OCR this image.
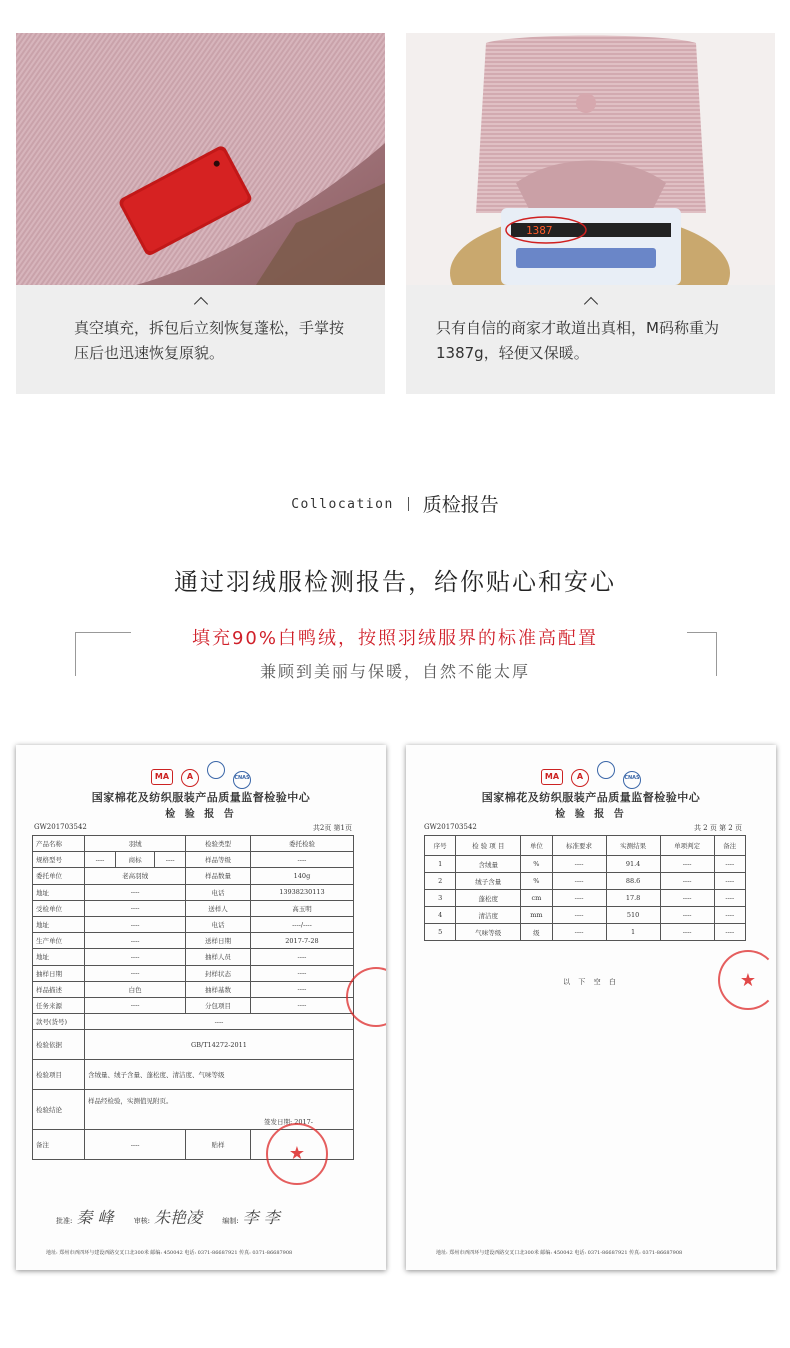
真空填充，拆包后立刻恢复蓬松，手掌按压后也迅速恢复原貌。
1387
只有自信的商家才敢道出真相，M码称重为1387g，轻便又保暖。
Collocation 质检报告
通过羽绒服检测报告，给你贴心和安心
填充90%白鸭绒，按照羽绒服界的标准高配置
兼顾到美丽与保暖，自然不能太厚
MA A	CNAS
国家棉花及纺织服装产品质量监督检验中心
检 验 报 告
GW201703542	共2页 第1页
产品名称	羽绒			检验类型	委托检验
规格型号	----	商标	----	样品等级	----
委托单位	老高羽绒			样品数量	140g
地址	----			电话	13938230113
受检单位	----			送样人	高玉明
地址	----			电话	----/----
生产单位	----			送样日期	2017-7-28
地址	----			抽样人员	----
抽样日期	----			封样状态	----
样品描述	白色			抽样基数	----
任务来源	----			分包项目	----
款号(货号)	----				
检验依据	GB/T14272-2011				
检验项目	含绒量、绒子含量、蓬松度、清洁度、气味等级				
检验结论	样品经检验，实测值见附页。
签发日期: 2017-				

备注	----			贴样		★
批准: 秦 峰	审核: 朱艳凌	编制: 李 李
地址: 郑州市西四环与建设西路交叉口北300米 邮编: 450042 电话: 0371-86687921 传真: 0371-86687908
MA A	CNAS
国家棉花及纺织服装产品质量监督检验中心
检 验 报 告
GW201703542	共 2 页 第 2 页
序号	检 验 项 目	单位	标准要求	实测结果	单项判定	备注
1	含绒量	%	----	91.4	----	----
2	绒子含量	%	----	88.6	----	----
3	蓬松度	cm	----	17.8	----	----
4	清洁度	mm	----	510	----	----
5	气味等级	级	----	1	----	----
以 下 空 白	★
地址: 郑州市西四环与建设西路交叉口北300米 邮编: 450042 电话: 0371-86687921 传真: 0371-86687908
